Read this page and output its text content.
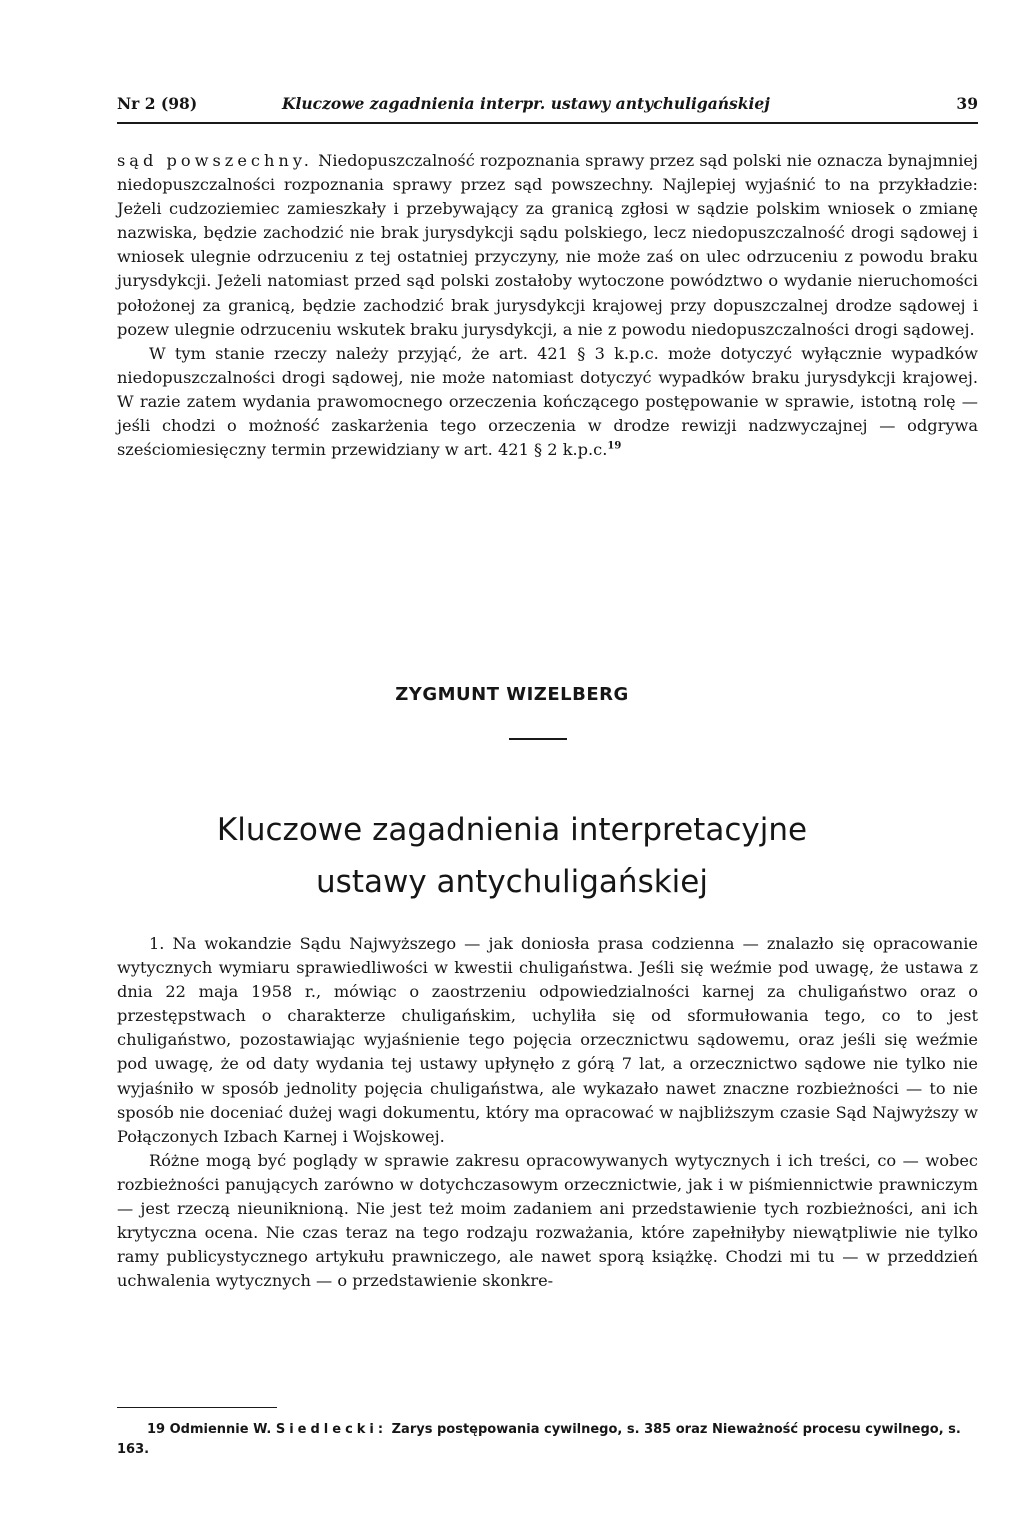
Nr 2 (98)	Kluczowe zagadnienia interpr. ustawy antychuligańskiej	39

sąd powszechny. Niedopuszczalność rozpoznania sprawy przez sąd polski nie oznacza bynajmniej niedopuszczalności rozpoznania sprawy przez sąd powszechny. Najlepiej wyjaśnić to na przykładzie: Jeżeli cudzoziemiec zamieszkały i przebywający za granicą zgłosi w sądzie polskim wniosek o zmianę nazwiska, będzie zachodzić nie brak jurysdykcji sądu polskiego, lecz niedopuszczalność drogi sądowej i wniosek ulegnie odrzuceniu z tej ostatniej przyczyny, nie może zaś on ulec odrzuceniu z powodu braku jurysdykcji. Jeżeli natomiast przed sąd polski zostałoby wytoczone powództwo o wydanie nieruchomości położonej za granicą, będzie zachodzić brak jurysdykcji krajowej przy dopuszczalnej drodze sądowej i pozew ulegnie odrzuceniu wskutek braku jurysdykcji, a nie z powodu niedopuszczalności drogi sądowej.

W tym stanie rzeczy należy przyjąć, że art. 421 § 3 k.p.c. może dotyczyć wyłącznie wypadków niedopuszczalności drogi sądowej, nie może natomiast dotyczyć wypadków braku jurysdykcji krajowej. W razie zatem wydania prawomocnego orzeczenia kończącego postępowanie w sprawie, istotną rolę — jeśli chodzi o możność zaskarżenia tego orzeczenia w drodze rewizji nadzwyczajnej — odgrywa sześciomiesięczny termin przewidziany w art. 421 § 2 k.p.c.$^{19}$

ZYGMUNT WIZELBERG
Kluczowe zagadnienia interpretacyjne
ustawy antychuligańskiej

1. Na wokandzie Sądu Najwyższego — jak doniosła prasa codzienna — znalazło się opracowanie wytycznych wymiaru sprawiedliwości w kwestii chuligaństwa. Jeśli się weźmie pod uwagę, że ustawa z dnia 22 maja 1958 r., mówiąc o zaostrzeniu odpowiedzialności karnej za chuligaństwo oraz o przestępstwach o charakterze chuligańskim, uchyliła się od sformułowania tego, co to jest chuligaństwo, pozostawiając wyjaśnienie tego pojęcia orzecznictwu sądowemu, oraz jeśli się weźmie pod uwagę, że od daty wydania tej ustawy upłynęło z górą 7 lat, a orzecznictwo sądowe nie tylko nie wyjaśniło w sposób jednolity pojęcia chuligaństwa, ale wykazało nawet znaczne rozbieżności — to nie sposób nie doceniać dużej wagi dokumentu, który ma opracować w najbliższym czasie Sąd Najwyższy w Połączonych Izbach Karnej i Wojskowej.

Różne mogą być poglądy w sprawie zakresu opracowywanych wytycznych i ich treści, co — wobec rozbieżności panujących zarówno w dotychczasowym orzecznictwie, jak i w piśmiennictwie prawniczym — jest rzeczą nieuniknioną. Nie jest też moim zadaniem ani przedstawienie tych rozbieżności, ani ich krytyczna ocena. Nie czas teraz na tego rodzaju rozważania, które zapełniłyby niewątpliwie nie tylko ramy publicystycznego artykułu prawniczego, ale nawet sporą książkę. Chodzi mi tu — w przeddzień uchwalenia wytycznych — o przedstawienie skonkre-

19 Odmiennie W. Siedlecki: Zarys postępowania cywilnego, s. 385 oraz Nieważność procesu cywilnego, s. 163.
